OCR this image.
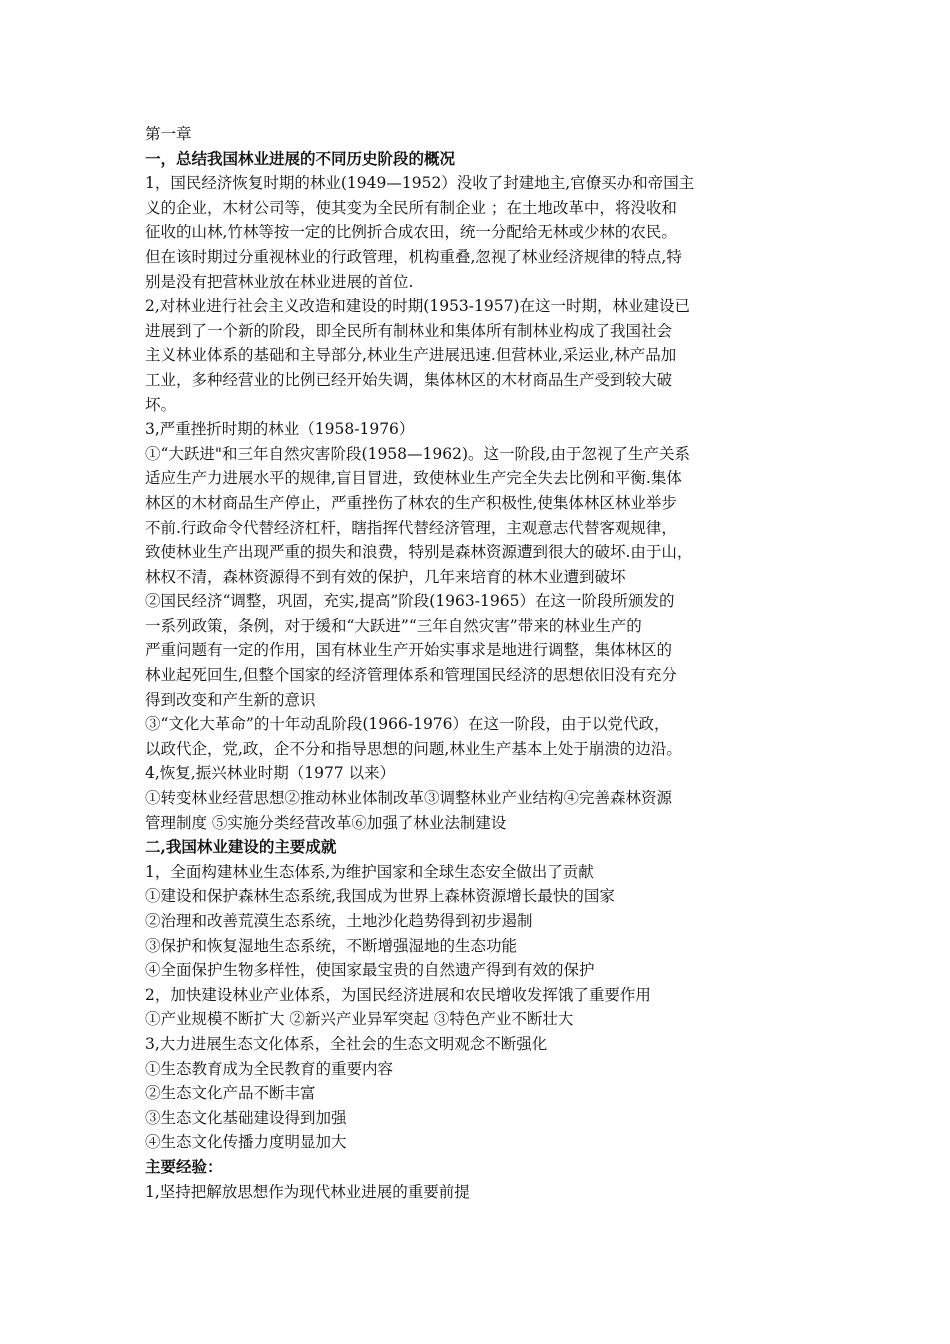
第一章

一，总结我国林业进展的不同历史阶段的概况

1，国民经济恢复时期的林业(1949—1952）没收了封建地主,官僚买办和帝国主

义的企业，木材公司等，使其变为全民所有制企业 ；在土地改革中，将没收和

征收的山林,竹林等按一定的比例折合成农田，统一分配给无林或少林的农民。

但在该时期过分重视林业的行政管理，机构重叠,忽视了林业经济规律的特点,特

别是没有把营林业放在林业进展的首位.

2,对林业进行社会主义改造和建设的时期(1953-1957)在这一时期，林业建设已

进展到了一个新的阶段，即全民所有制林业和集体所有制林业构成了我国社会

主义林业体系的基础和主导部分,林业生产进展迅速.但营林业,采运业,林产品加

工业，多种经营业的比例已经开始失调，集体林区的木材商品生产受到较大破

坏。

3,严重挫折时期的林业（1958-1976）

①“大跃进"和三年自然灾害阶段(1958—1962)。这一阶段,由于忽视了生产关系

适应生产力进展水平的规律,盲目冒进，致使林业生产完全失去比例和平衡.集体

林区的木材商品生产停止，严重挫伤了林农的生产积极性,使集体林区林业举步

不前.行政命令代替经济杠杆，瞎指挥代替经济管理，主观意志代替客观规律，

致使林业生产出现严重的损失和浪费，特别是森林资源遭到很大的破坏.由于山，

林权不清，森林资源得不到有效的保护，几年来培育的林木业遭到破坏

②国民经济“调整，巩固，充实,提高”阶段(1963-1965）在这一阶段所颁发的

一系列政策，条例，对于缓和“大跃进”“三年自然灾害”带来的林业生产的

严重问题有一定的作用，国有林业生产开始实事求是地进行调整，集体林区的

林业起死回生,但整个国家的经济管理体系和管理国民经济的思想依旧没有充分

得到改变和产生新的意识

③“文化大革命”的十年动乱阶段(1966-1976）在这一阶段，由于以党代政，

以政代企，党,政，企不分和指导思想的问题,林业生产基本上处于崩溃的边沿。

4,恢复,振兴林业时期（1977 以来）

①转变林业经营思想②推动林业体制改革③调整林业产业结构④完善森林资源

管理制度 ⑤实施分类经营改革⑥加强了林业法制建设

二,我国林业建设的主要成就

1，全面构建林业生态体系,为维护国家和全球生态安全做出了贡献

①建设和保护森林生态系统,我国成为世界上森林资源增长最快的国家

②治理和改善荒漠生态系统，土地沙化趋势得到初步遏制

③保护和恢复湿地生态系统，不断增强湿地的生态功能

④全面保护生物多样性，使国家最宝贵的自然遗产得到有效的保护

2，加快建设林业产业体系，为国民经济进展和农民增收发挥饿了重要作用

①产业规模不断扩大 ②新兴产业异军突起 ③特色产业不断壮大

3,大力进展生态文化体系，全社会的生态文明观念不断强化

①生态教育成为全民教育的重要内容

②生态文化产品不断丰富

③生态文化基础建设得到加强

④生态文化传播力度明显加大

主要经验：

1,坚持把解放思想作为现代林业进展的重要前提
